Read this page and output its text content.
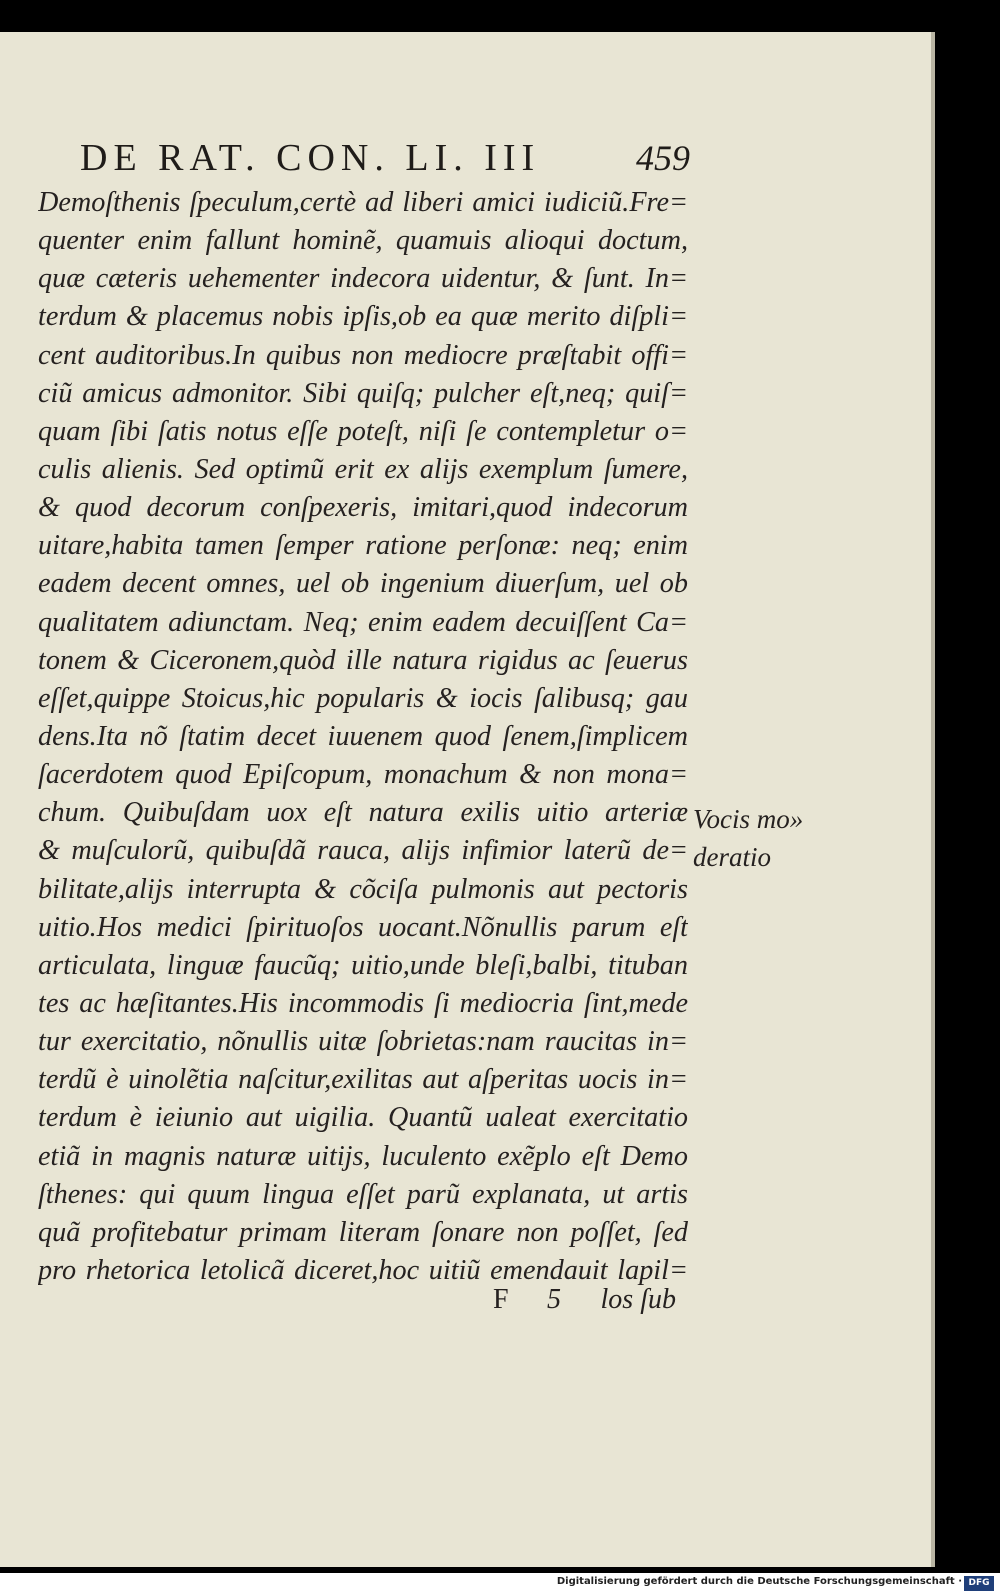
DE RAT. CON. LI. III	459
Demoſthenis ſpeculum,certè ad liberi amici iudiciũ.Fre=
quenter enim fallunt hominẽ, quamuis alioqui doctum,
quæ cæteris uehementer indecora uidentur, & ſunt. In=
terdum & placemus nobis ipſis,ob ea quæ merito diſpli=
cent auditoribus.In quibus non mediocre præſtabit offi=
ciũ amicus admonitor. Sibi quiſq; pulcher eſt,neq; quiſ=
quam ſibi ſatis notus eſſe poteſt, niſi ſe contempletur o=
culis alienis. Sed optimũ erit ex alijs exemplum ſumere,
& quod decorum conſpexeris, imitari,quod indecorum
uitare,habita tamen ſemper ratione perſonæ: neq; enim
eadem decent omnes, uel ob ingenium diuerſum, uel ob
qualitatem adiunctam. Neq; enim eadem decuiſſent Ca=
tonem & Ciceronem,quòd ille natura rigidus ac ſeuerus
eſſet,quippe Stoicus,hic popularis & iocis ſalibusq; gau
dens.Ita nõ ſtatim decet iuuenem quod ſenem,ſimplicem
ſacerdotem quod Epiſcopum, monachum & non mona=
chum. Quibuſdam uox eſt natura exilis uitio arteriæ
& muſculorũ, quibuſdã rauca, alijs infimior laterũ de=
bilitate,alijs interrupta & cõciſa pulmonis aut pectoris
uitio.Hos medici ſpirituoſos uocant.Nõnullis parum eſt
articulata, linguæ faucũq; uitio,unde bleſi,balbi, tituban
tes ac hæſitantes.His incommodis ſi mediocria ſint,mede
tur exercitatio, nõnullis uitæ ſobrietas:nam raucitas in=
terdũ è uinolẽtia naſcitur,exilitas aut aſperitas uocis in=
terdum è ieiunio aut uigilia. Quantũ ualeat exercitatio
etiã in magnis naturæ uitijs, luculento exẽplo eſt Demo
ſthenes: qui quum lingua eſſet parũ explanata, ut artis
quã profitebatur primam literam ſonare non poſſet, ſed
pro rhetorica letolicã diceret,hoc uitiũ emendauit lapil=
Vocis mo»
deratio
F 5 los ſub
Digitalisierung gefördert durch die Deutsche Forschungsgemeinschaft · DFG
